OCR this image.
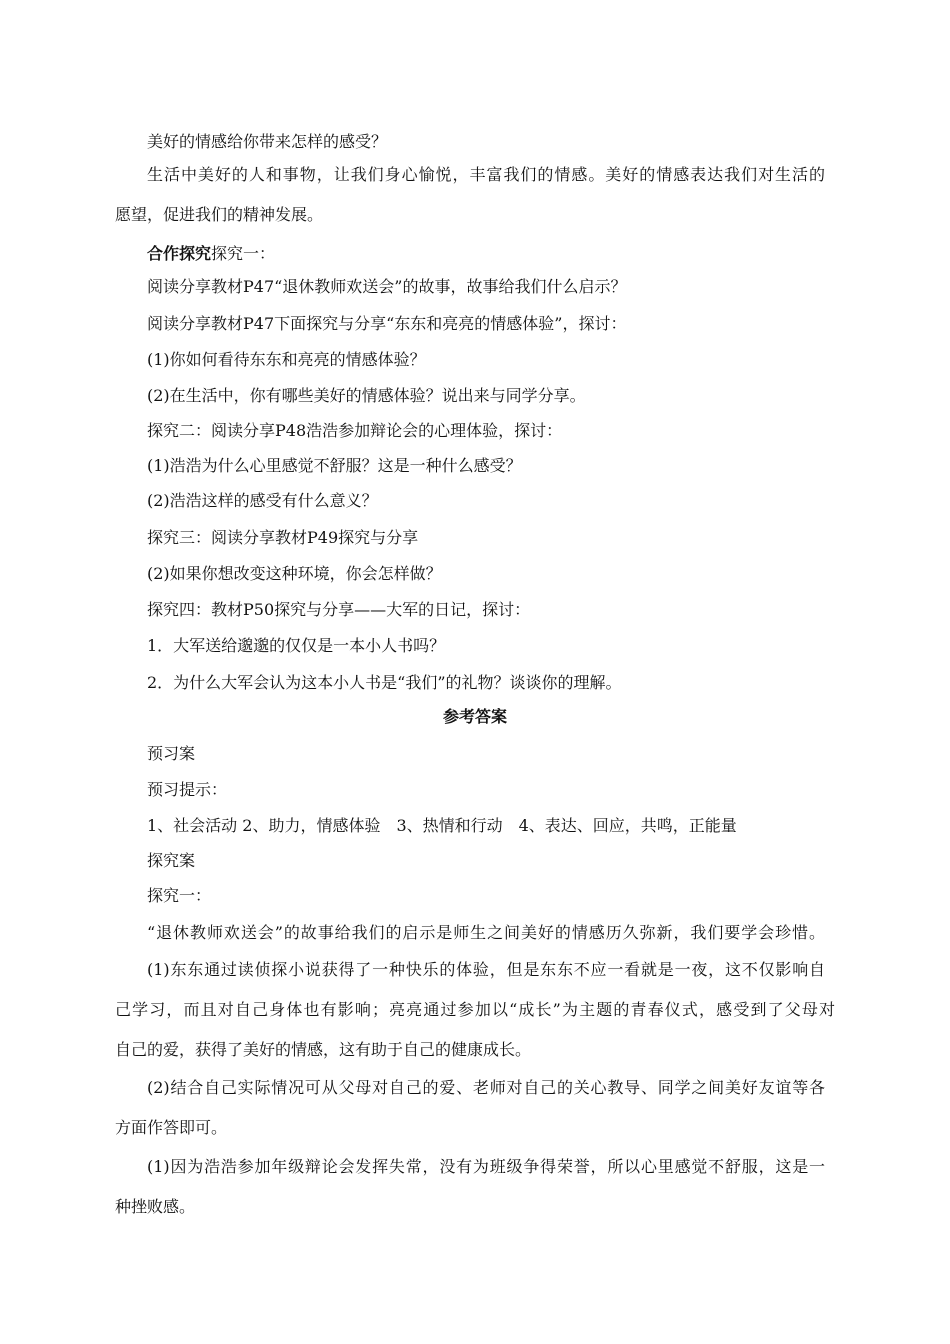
美好的情感给你带来怎样的感受？
生活中美好的人和事物，让我们身心愉悦，丰富我们的情感。美好的情感表达我们对生活的
愿望，促进我们的精神发展。
合作探究探究一：
阅读分享教材P47“退休教师欢送会”的故事，故事给我们什么启示？
阅读分享教材P47下面探究与分享“东东和亮亮的情感体验”，探讨：
(1)你如何看待东东和亮亮的情感体验？
(2)在生活中，你有哪些美好的情感体验？说出来与同学分享。
探究二：阅读分享P48浩浩参加辩论会的心理体验，探讨：
(1)浩浩为什么心里感觉不舒服？这是一种什么感受？
(2)浩浩这样的感受有什么意义？
探究三：阅读分享教材P49探究与分享
(2)如果你想改变这种环境，你会怎样做？
探究四：教材P50探究与分享——大军的日记，探讨：
1．大军送给邈邈的仅仅是一本小人书吗？
2．为什么大军会认为这本小人书是“我们”的礼物？谈谈你的理解。
参考答案
预习案
预习提示：
1、社会活动 2、助力，情感体验　3、热情和行动　4、表达、回应，共鸣，正能量
探究案
探究一：
“退休教师欢送会”的故事给我们的启示是师生之间美好的情感历久弥新，我们要学会珍惜。
(1)东东通过读侦探小说获得了一种快乐的体验，但是东东不应一看就是一夜，这不仅影响自
己学习，而且对自己身体也有影响；亮亮通过参加以“成长”为主题的青春仪式，感受到了父母对
自己的爱，获得了美好的情感，这有助于自己的健康成长。
(2)结合自己实际情况可从父母对自己的爱、老师对自己的关心教导、同学之间美好友谊等各
方面作答即可。
(1)因为浩浩参加年级辩论会发挥失常，没有为班级争得荣誉，所以心里感觉不舒服，这是一
种挫败感。
